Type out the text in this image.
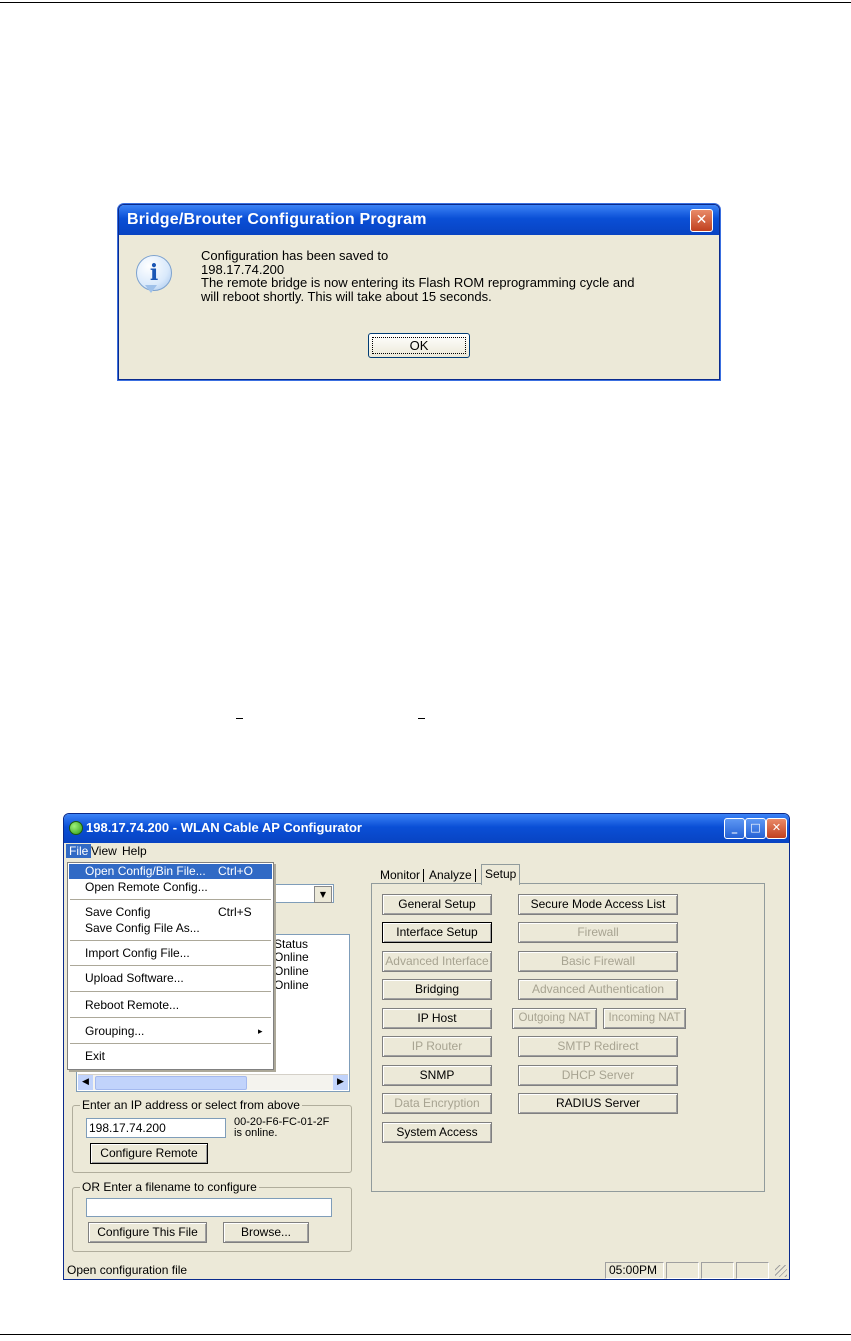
Bridge/Brouter Configuration Program	✕
i
Configuration has been saved to
198.17.74.200
The remote bridge is now entering its Flash ROM reprogramming cycle and
will reboot shortly. This will take about 15 seconds.
OK
198.17.74.200 - WLAN Cable AP Configurator	_	□	✕
File View Help
▼
Status
Online
Online
Online
◀	▶
Enter an IP address or select from above
198.17.74.200	00-20-F6-FC-01-2F
is online.
Configure Remote
OR Enter a filename to configure
Configure This File	Browse...
Monitor Analyze	Setup
General Setup
Interface Setup
Advanced Interface
Bridging
IP Host
IP Router
SNMP
Data Encryption
System Access
Secure Mode Access List
Firewall
Basic Firewall
Advanced Authentication
Outgoing NAT	Incoming NAT
SMTP Redirect
DHCP Server
RADIUS Server
Open Config/Bin File... Ctrl+O
Open Remote Config...
Save Config	Ctrl+S
Save Config File As...
Import Config File...
Upload Software...
Reboot Remote...
Grouping...	▸
Exit
Open configuration file	05:00PM
